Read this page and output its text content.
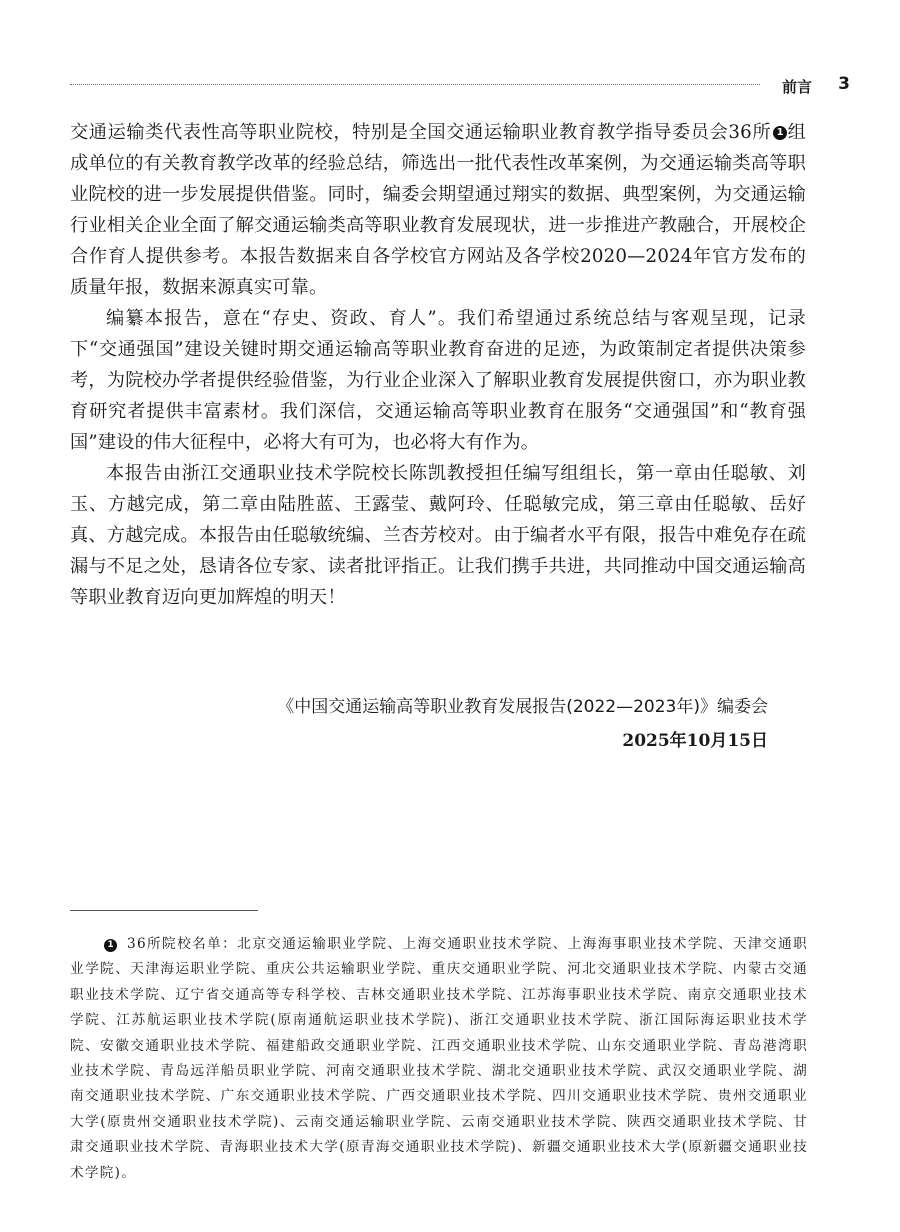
前言 3

交通运输类代表性高等职业院校，特别是全国交通运输职业教育教学指导委员会36所 1 组成单位的有关教育教学改革的经验总结，筛选出一批代表性改革案例，为交通运输类高等职业院校的进一步发展提供借鉴。同时，编委会期望通过翔实的数据、典型案例，为交通运输行业相关企业全面了解交通运输类高等职业教育发展现状，进一步推进产教融合，开展校企合作育人提供参考。本报告数据来自各学校官方网站及各学校2020—2024年官方发布的质量年报，数据来源真实可靠。

编纂本报告，意在“存史、资政、育人”。我们希望通过系统总结与客观呈现，记录下“交通强国”建设关键时期交通运输高等职业教育奋进的足迹，为政策制定者提供决策参考，为院校办学者提供经验借鉴，为行业企业深入了解职业教育发展提供窗口，亦为职业教育研究者提供丰富素材。我们深信，交通运输高等职业教育在服务“交通强国”和“教育强国”建设的伟大征程中，必将大有可为，也必将大有作为。

本报告由浙江交通职业技术学院校长陈凯教授担任编写组组长，第一章由任聪敏、刘玉、方越完成，第二章由陆胜蓝、王露莹、戴阿玲、任聪敏完成，第三章由任聪敏、岳好真、方越完成。本报告由任聪敏统编、兰杏芳校对。由于编者水平有限，报告中难免存在疏漏与不足之处，恳请各位专家、读者批评指正。让我们携手共进，共同推动中国交通运输高等职业教育迈向更加辉煌的明天！

《中国交通运输高等职业教育发展报告(2022—2023年)》编委会
2025年10月15日

1 36所院校名单：北京交通运输职业学院、上海交通职业技术学院、上海海事职业技术学院、天津交通职业学院、天津海运职业学院、重庆公共运输职业学院、重庆交通职业学院、河北交通职业技术学院、内蒙古交通职业技术学院、辽宁省交通高等专科学校、吉林交通职业技术学院、江苏海事职业技术学院、南京交通职业技术学院、江苏航运职业技术学院(原南通航运职业技术学院)、浙江交通职业技术学院、浙江国际海运职业技术学院、安徽交通职业技术学院、福建船政交通职业学院、江西交通职业技术学院、山东交通职业学院、青岛港湾职业技术学院、青岛远洋船员职业学院、河南交通职业技术学院、湖北交通职业技术学院、武汉交通职业学院、湖南交通职业技术学院、广东交通职业技术学院、广西交通职业技术学院、四川交通职业技术学院、贵州交通职业大学(原贵州交通职业技术学院)、云南交通运输职业学院、云南交通职业技术学院、陕西交通职业技术学院、甘肃交通职业技术学院、青海职业技术大学(原青海交通职业技术学院)、新疆交通职业技术大学(原新疆交通职业技术学院)。
